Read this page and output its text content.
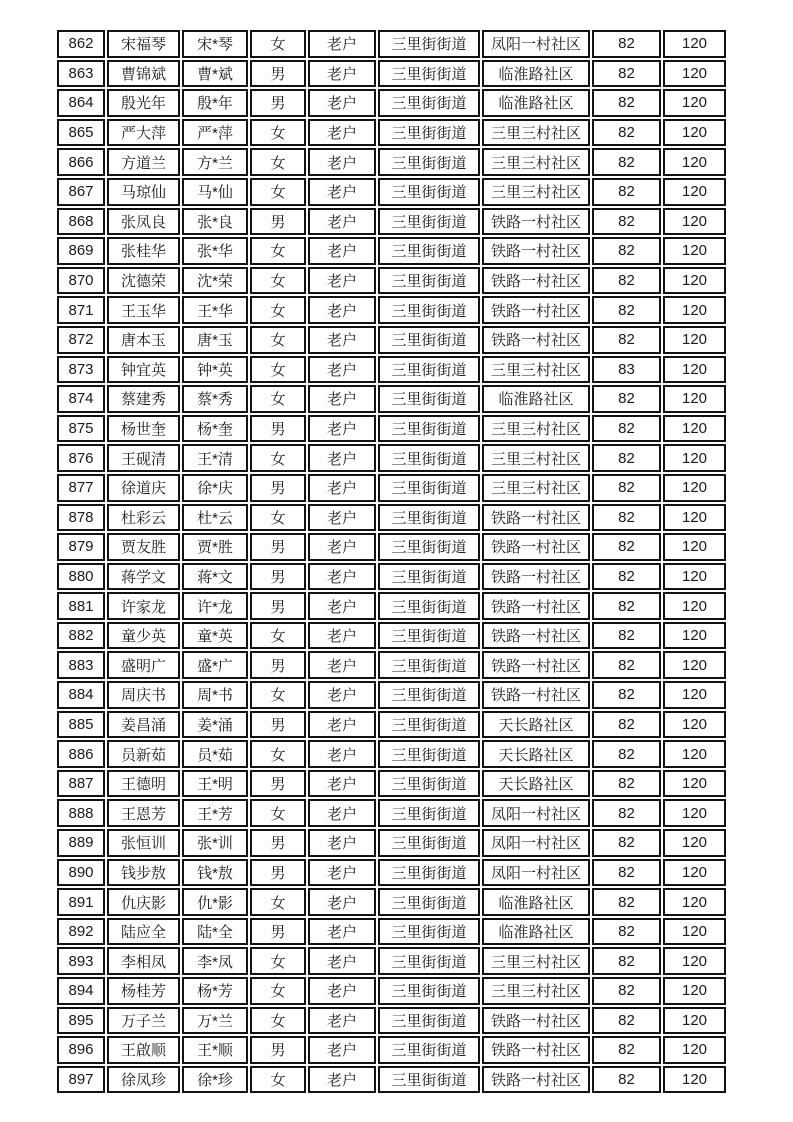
862	宋福琴	宋*琴	女	老户	三里街街道	凤阳一村社区	82	120
863	曹锦斌	曹*斌	男	老户	三里街街道	临淮路社区	82	120
864	殷光年	殷*年	男	老户	三里街街道	临淮路社区	82	120
865	严大萍	严*萍	女	老户	三里街街道	三里三村社区	82	120
866	方道兰	方*兰	女	老户	三里街街道	三里三村社区	82	120
867	马琼仙	马*仙	女	老户	三里街街道	三里三村社区	82	120
868	张凤良	张*良	男	老户	三里街街道	铁路一村社区	82	120
869	张桂华	张*华	女	老户	三里街街道	铁路一村社区	82	120
870	沈德荣	沈*荣	女	老户	三里街街道	铁路一村社区	82	120
871	王玉华	王*华	女	老户	三里街街道	铁路一村社区	82	120
872	唐本玉	唐*玉	女	老户	三里街街道	铁路一村社区	82	120
873	钟宜英	钟*英	女	老户	三里街街道	三里三村社区	83	120
874	蔡建秀	蔡*秀	女	老户	三里街街道	临淮路社区	82	120
875	杨世奎	杨*奎	男	老户	三里街街道	三里三村社区	82	120
876	王砚清	王*清	女	老户	三里街街道	三里三村社区	82	120
877	徐道庆	徐*庆	男	老户	三里街街道	三里三村社区	82	120
878	杜彩云	杜*云	女	老户	三里街街道	铁路一村社区	82	120
879	贾友胜	贾*胜	男	老户	三里街街道	铁路一村社区	82	120
880	蒋学文	蒋*文	男	老户	三里街街道	铁路一村社区	82	120
881	许家龙	许*龙	男	老户	三里街街道	铁路一村社区	82	120
882	童少英	童*英	女	老户	三里街街道	铁路一村社区	82	120
883	盛明广	盛*广	男	老户	三里街街道	铁路一村社区	82	120
884	周庆书	周*书	女	老户	三里街街道	铁路一村社区	82	120
885	姜昌涌	姜*涌	男	老户	三里街街道	天长路社区	82	120
886	员新茹	员*茹	女	老户	三里街街道	天长路社区	82	120
887	王德明	王*明	男	老户	三里街街道	天长路社区	82	120
888	王恩芳	王*芳	女	老户	三里街街道	凤阳一村社区	82	120
889	张恒训	张*训	男	老户	三里街街道	凤阳一村社区	82	120
890	钱步敖	钱*敖	男	老户	三里街街道	凤阳一村社区	82	120
891	仇庆影	仇*影	女	老户	三里街街道	临淮路社区	82	120
892	陆应全	陆*全	男	老户	三里街街道	临淮路社区	82	120
893	李相凤	李*凤	女	老户	三里街街道	三里三村社区	82	120
894	杨桂芳	杨*芳	女	老户	三里街街道	三里三村社区	82	120
895	万子兰	万*兰	女	老户	三里街街道	铁路一村社区	82	120
896	王啟顺	王*顺	男	老户	三里街街道	铁路一村社区	82	120
897	徐凤珍	徐*珍	女	老户	三里街街道	铁路一村社区	82	120
